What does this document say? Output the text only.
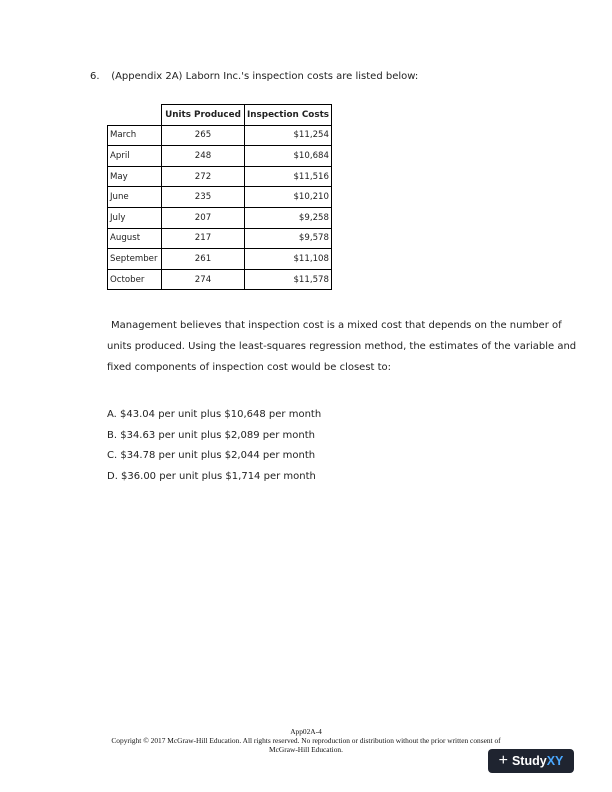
6. (Appendix 2A) Laborn Inc.'s inspection costs are listed below:
	Units Produced	Inspection Costs
March	265	$11,254
April	248	$10,684
May	272	$11,516
June	235	$10,210
July	207	$9,258
August	217	$9,578
September	261	$11,108
October	274	$11,578
Management believes that inspection cost is a mixed cost that depends on the number of
units produced. Using the least-squares regression method, the estimates of the variable and
fixed components of inspection cost would be closest to:
A. $43.04 per unit plus $10,648 per month
B. $34.63 per unit plus $2,089 per month
C. $34.78 per unit plus $2,044 per month
D. $36.00 per unit plus $1,714 per month
App02A-4
Copyright © 2017 McGraw-Hill Education. All rights reserved. No reproduction or distribution without the prior written consent of
McGraw-Hill Education.
+ Study XY
